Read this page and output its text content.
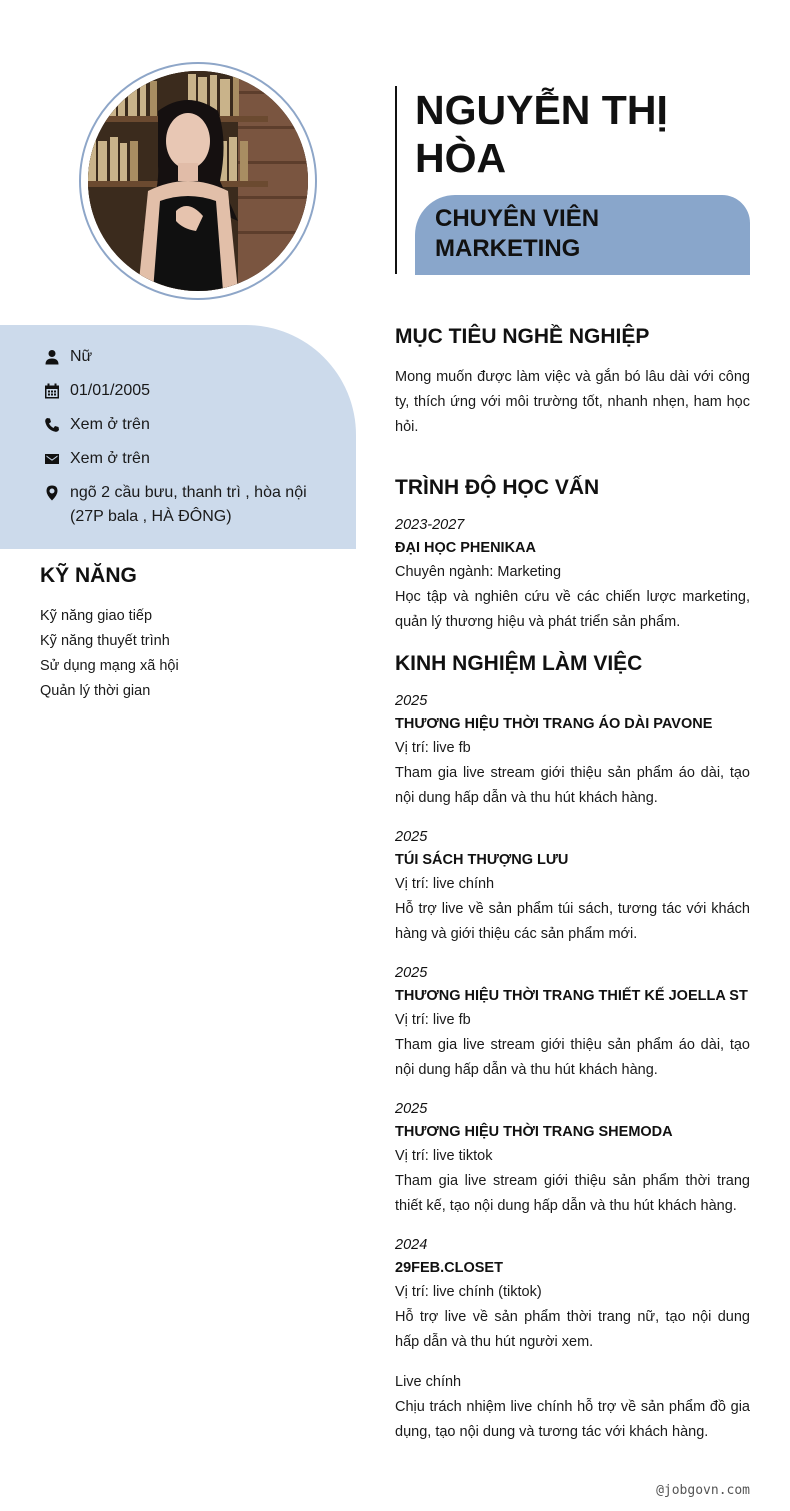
Nữ
01/01/2005
Xem ở trên
Xem ở trên
ngõ 2 cầu bưu, thanh trì , hòa nội (27P bala , HÀ ĐÔNG)
KỸ NĂNG
Kỹ năng giao tiếp
Kỹ năng thuyết trình
Sử dụng mạng xã hội
Quản lý thời gian
NGUYỄN THỊ HÒA
CHUYÊN VIÊN MARKETING
MỤC TIÊU NGHỀ NGHIỆP
Mong muốn được làm việc và gắn bó lâu dài với công ty, thích ứng với môi trường tốt, nhanh nhẹn, ham học hỏi.
TRÌNH ĐỘ HỌC VẤN
2023-2027
ĐẠI HỌC PHENIKAA
Chuyên ngành: Marketing
Học tập và nghiên cứu về các chiến lược marketing, quản lý thương hiệu và phát triển sản phẩm.
KINH NGHIỆM LÀM VIỆC
2025
THƯƠNG HIỆU THỜI TRANG ÁO DÀI PAVONE
Vị trí: live fb
Tham gia live stream giới thiệu sản phẩm áo dài, tạo nội dung hấp dẫn và thu hút khách hàng.
2025
TÚI SÁCH THƯỢNG LƯU
Vị trí: live chính
Hỗ trợ live về sản phẩm túi sách, tương tác với khách hàng và giới thiệu các sản phẩm mới.
2025
THƯƠNG HIỆU THỜI TRANG THIẾT KẾ JOELLA ST
Vị trí: live fb
Tham gia live stream giới thiệu sản phẩm áo dài, tạo nội dung hấp dẫn và thu hút khách hàng.
2025
THƯƠNG HIỆU THỜI TRANG SHEMODA
Vị trí: live tiktok
Tham gia live stream giới thiệu sản phẩm thời trang thiết kế, tạo nội dung hấp dẫn và thu hút khách hàng.
2024
29FEB.CLOSET
Vị trí: live chính (tiktok)
Hỗ trợ live về sản phẩm thời trang nữ, tạo nội dung hấp dẫn và thu hút người xem.
Live chính
Chịu trách nhiệm live chính hỗ trợ về sản phẩm đồ gia dụng, tạo nội dung và tương tác với khách hàng.
@jobgovn.com
